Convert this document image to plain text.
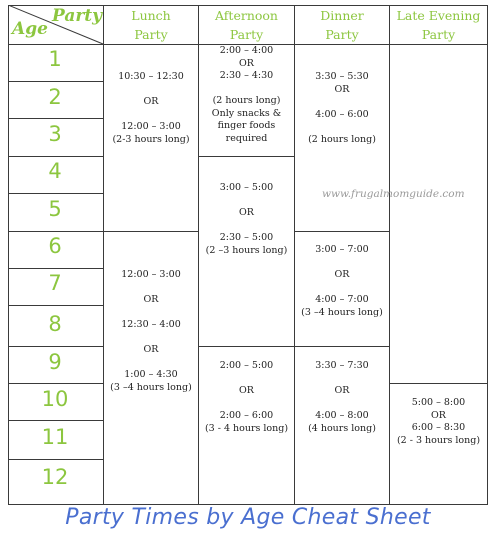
Party
Age
Lunch
Party
Afternoon
Party
Dinner
Party
Late Evening
Party
1
2
3
4
5
6
7
8
9
10
11
12
10:30 – 12:30

OR

12:00 – 3:00
(2-3 hours long)
12:00 – 3:00

OR

12:30 – 4:00

OR

1:00 – 4:30
(3 –4 hours long)
2:00 – 4:00
OR
2:30 – 4:30

(2 hours long)
Only snacks &
finger foods
required
3:00 – 5:00

OR

2:30 – 5:00
(2 –3 hours long)
2:00 – 5:00

OR

2:00 – 6:00
(3 - 4 hours long)
3:30 – 5:30
OR

4:00 – 6:00

(2 hours long)
3:00 – 7:00

OR

4:00 – 7:00
(3 –4 hours long)
3:30 – 7:30

OR

4:00 – 8:00
(4 hours long)
5:00 – 8:00
OR
6:00 – 8:30
(2 - 3 hours long)
www.frugalmomguide.com
Party Times by Age Cheat Sheet
